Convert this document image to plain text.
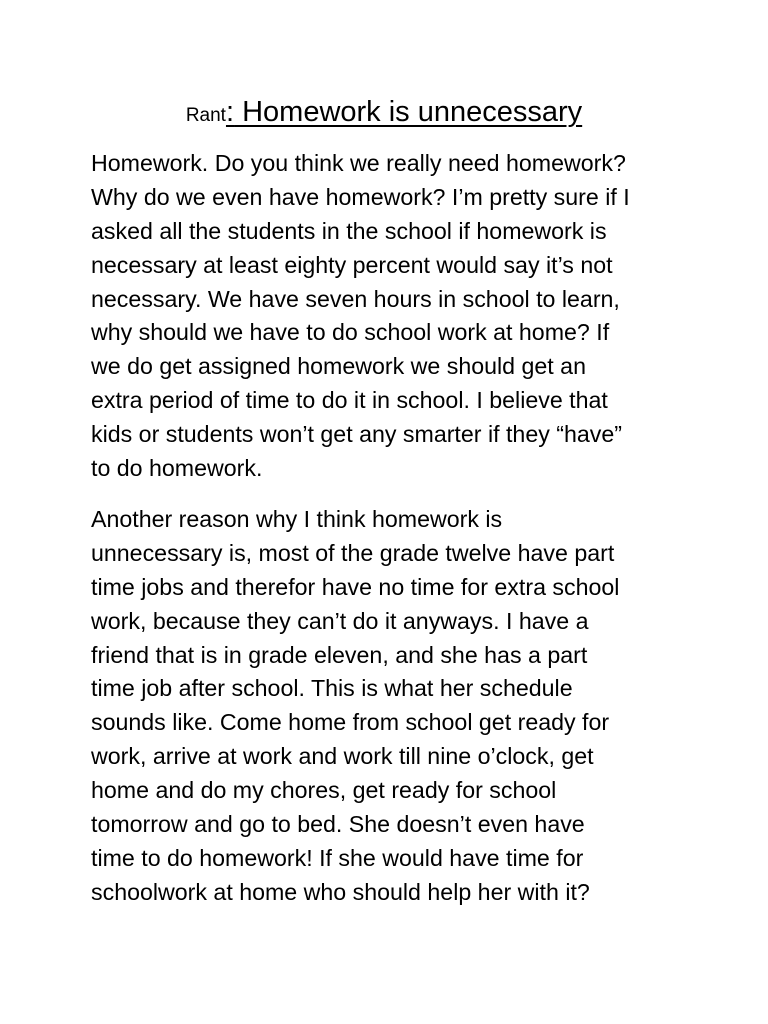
Rant: Homework is unnecessary

Homework. Do you think we really need homework?
Why do we even have homework? I’m pretty sure if I
asked all the students in the school if homework is
necessary at least eighty percent would say it’s not
necessary. We have seven hours in school to learn,
why should we have to do school work at home? If
we do get assigned homework we should get an
extra period of time to do it in school. I believe that
kids or students won’t get any smarter if they “have”
to do homework.

Another reason why I think homework is
unnecessary is, most of the grade twelve have part
time jobs and therefor have no time for extra school
work, because they can’t do it anyways. I have a
friend that is in grade eleven, and she has a part
time job after school. This is what her schedule
sounds like. Come home from school get ready for
work, arrive at work and work till nine o’clock, get
home and do my chores, get ready for school
tomorrow and go to bed. She doesn’t even have
time to do homework! If she would have time for
schoolwork at home who should help her with it?
